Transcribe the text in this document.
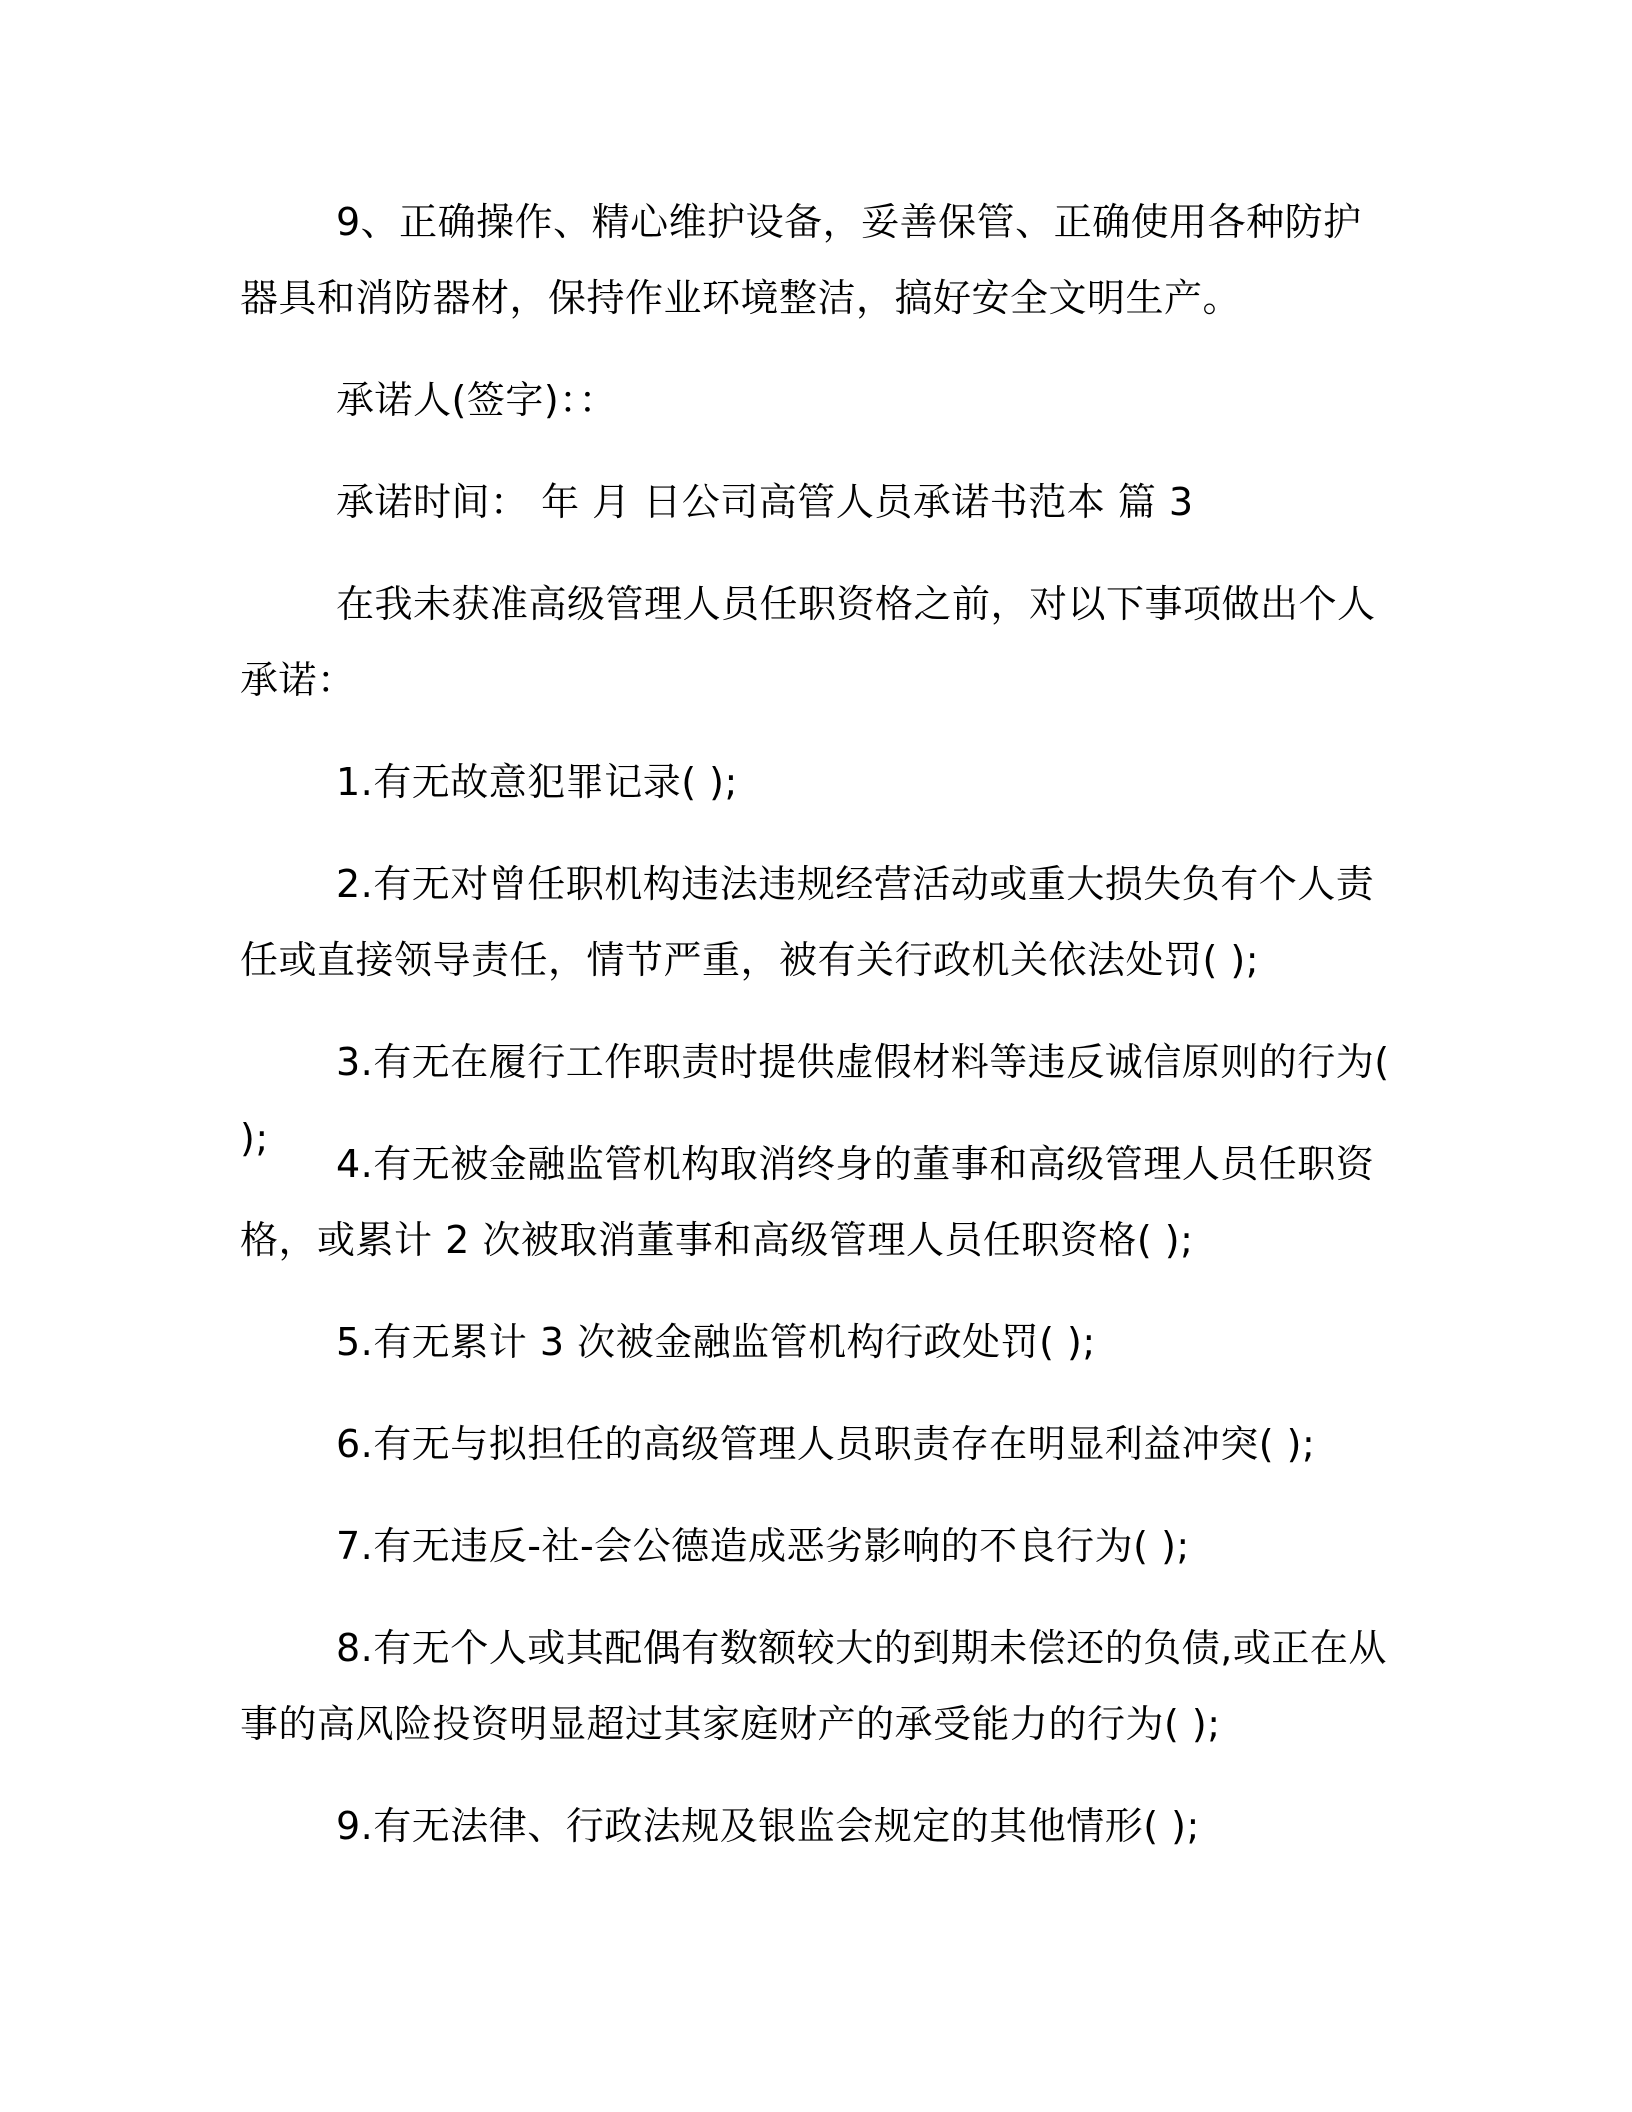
9、正确操作、精心维护设备，妥善保管、正确使用各种防护器具和消防器材，保持作业环境整洁，搞好安全文明生产。

承诺人(签字)：：

承诺时间： 年 月 日公司高管人员承诺书范本 篇 3

在我未获准高级管理人员任职资格之前，对以下事项做出个人承诺：

1.有无故意犯罪记录( );

2.有无对曾任职机构违法违规经营活动或重大损失负有个人责任或直接领导责任，情节严重，被有关行政机关依法处罚( );

3.有无在履行工作职责时提供虚假材料等违反诚信原则的行为( );

4.有无被金融监管机构取消终身的董事和高级管理人员任职资格，或累计 2 次被取消董事和高级管理人员任职资格( );

5.有无累计 3 次被金融监管机构行政处罚( );

6.有无与拟担任的高级管理人员职责存在明显利益冲突( );

7.有无违反-社-会公德造成恶劣影响的不良行为( );

8.有无个人或其配偶有数额较大的到期未偿还的负债,或正在从事的高风险投资明显超过其家庭财产的承受能力的行为( );

9.有无法律、行政法规及银监会规定的其他情形( );
